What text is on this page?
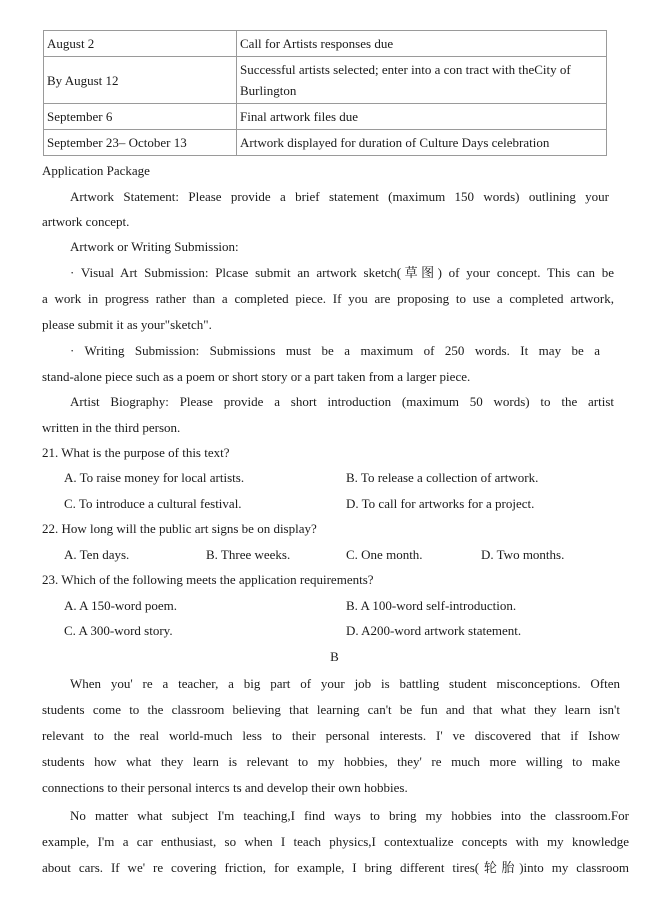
August 2	Call for Artists responses due
By August 12	Successful artists selected; enter into a con tract with theCity of Burlington
September 6	Final artwork files due
September 23– October 13	Artwork displayed for duration of Culture Days celebration
Application Package
Artwork Statement: Please provide a brief statement (maximum 150 words) outlining your
artwork concept.
Artwork or Writing Submission:
· Visual Art Submission: Plcase submit an artwork sketch(草图) of your concept. This can be
a work in progress rather than a completed piece. If you are proposing to use a completed artwork,
please submit it as your"sketch".
· Writing Submission: Submissions must be a maximum of 250 words. It may be a
stand-alone piece such as a poem or short story or a part taken from a larger piece.
Artist Biography: Please provide a short introduction (maximum 50 words) to the artist
written in the third person.
21. What is the purpose of this text?
A. To raise money for local artists.	B. To release a collection of artwork.
C. To introduce a cultural festival.	D. To call for artworks for a project.
22. How long will the public art signs be on display?
A. Ten days.	B. Three weeks.	C. One month.	D. Two months.
23. Which of the following meets the application requirements?
A. A 150-word poem.	B. A 100-word self-introduction.
C. A 300-word story.	D. A200-word artwork statement.
B
When you' re a teacher, a big part of your job is battling student misconceptions. Often
students come to the classroom believing that learning can't be fun and that what they learn isn't
relevant to the real world-much less to their personal interests. I' ve discovered that if Ishow
students how what they learn is relevant to my hobbies, they' re much more willing to make
connections to their personal intercs ts and develop their own hobbies.
No matter what subject I'm teaching,I find ways to bring my hobbies into the classroom.For
example, I'm a car enthusiast, so when I teach physics,I contextualize concepts with my knowledge
about cars. If we' re covering friction, for example, I bring different tires(轮胎)into my classroom
